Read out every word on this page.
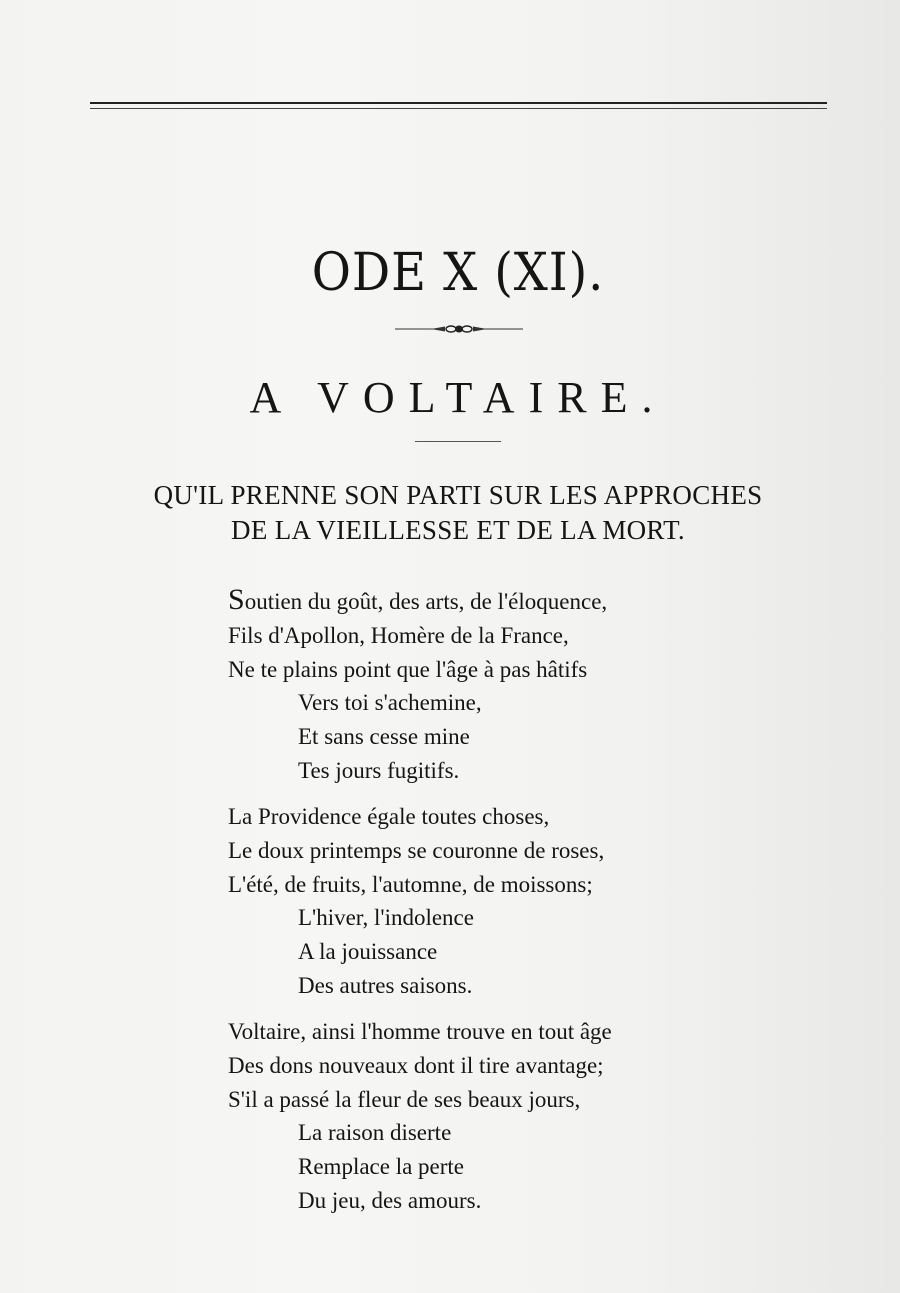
ODE X (XI).
A VOLTAIRE.
QU'IL PRENNE SON PARTI SUR LES APPROCHES
DE LA VIEILLESSE ET DE LA MORT.
Soutien du goût, des arts, de l'éloquence,
Fils d'Apollon, Homère de la France,
Ne te plains point que l'âge à pas hâtifs
Vers toi s'achemine,
Et sans cesse mine
Tes jours fugitifs.
La Providence égale toutes choses,
Le doux printemps se couronne de roses,
L'été, de fruits, l'automne, de moissons;
L'hiver, l'indolence
A la jouissance
Des autres saisons.
Voltaire, ainsi l'homme trouve en tout âge
Des dons nouveaux dont il tire avantage;
S'il a passé la fleur de ses beaux jours,
La raison diserte
Remplace la perte
Du jeu, des amours.
